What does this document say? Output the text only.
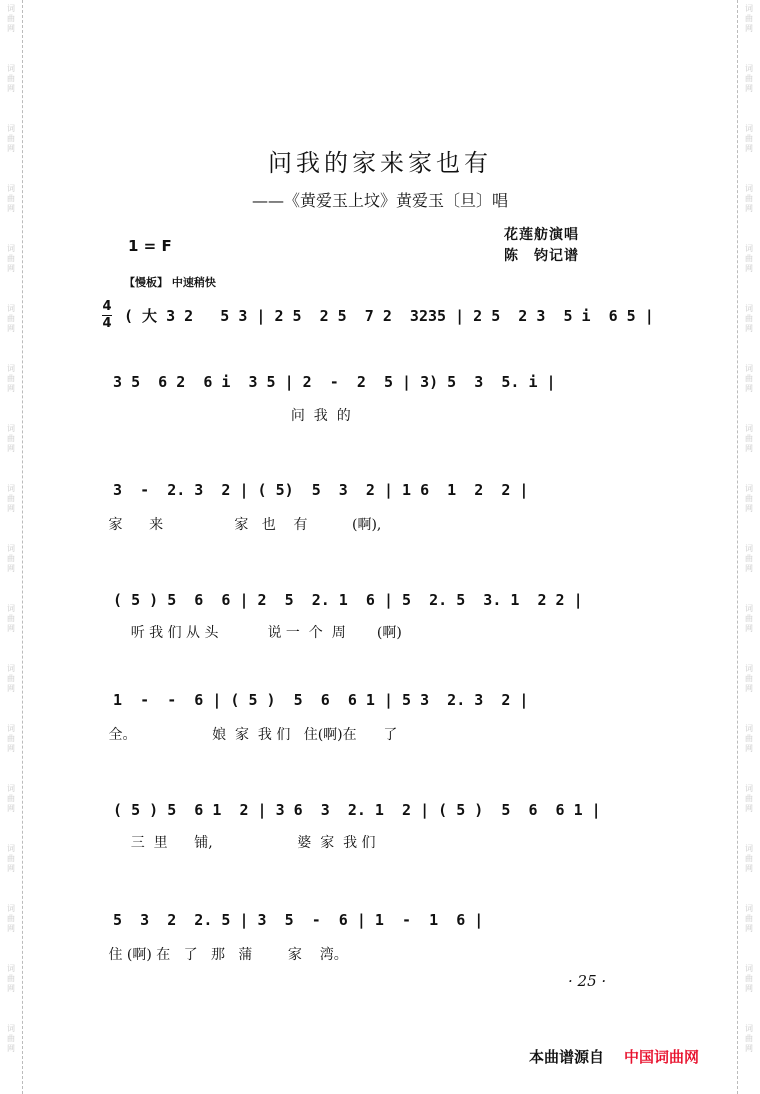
词
曲
网
词
曲
网
词
曲
网
词
曲
网
词
曲
网
词
曲
网
词
曲
网
词
曲
网
词
曲
网
词
曲
网
词
曲
网
词
曲
网
词
曲
网
词
曲
网
词
曲
网
词
曲
网
词
曲
网
词
曲
网
词
曲
网
词
曲
网
词
曲
网
词
曲
网
词
曲
网
词
曲
网
词
曲
网
词
曲
网
词
曲
网
词
曲
网
词
曲
网
词
曲
网
词
曲
网
词
曲
网
词
曲
网
词
曲
网
词
曲
网
词
曲
网
问我的家来家也有
——《黄爱玉上坟》黄爱玉〔旦〕唱
1 = F
花莲舫演唱
陈　钧记谱
【慢板】 中速稍快
4
4 ( 大 3 2   5 3 | 2 5  2 5  7 2  3235 | 2 5  2 3  5 i  6 5 |
3 5  6 2  6 i  3 5 | 2  -  2  5 | 3) 5  3  5. i |
问  我  的
3  -  2. 3  2 | ( 5)  5  3  2 | 1 6  1  2  2 |
家      来                家   也    有          (啊),
( 5 ) 5  6  6 | 2  5  2. 1  6 | 5  2. 5  3. 1  2 2 |
听 我 们 从 头           说 一  个  周       (啊)
1  -  -  6 | ( 5 )  5  6  6 1 | 5 3  2. 3  2 |
全。                 娘  家  我 们   住(啊)在      了
( 5 ) 5  6 1  2 | 3 6  3  2. 1  2 | ( 5 )  5  6  6 1 |
三  里      铺,                   婆  家  我 们
5  3  2  2. 5 | 3  5  -  6 | 1  -  1  6 |
住 (啊) 在   了   那   蒲        家    湾。
· 25 ·
本曲谱源自 中国词曲网
